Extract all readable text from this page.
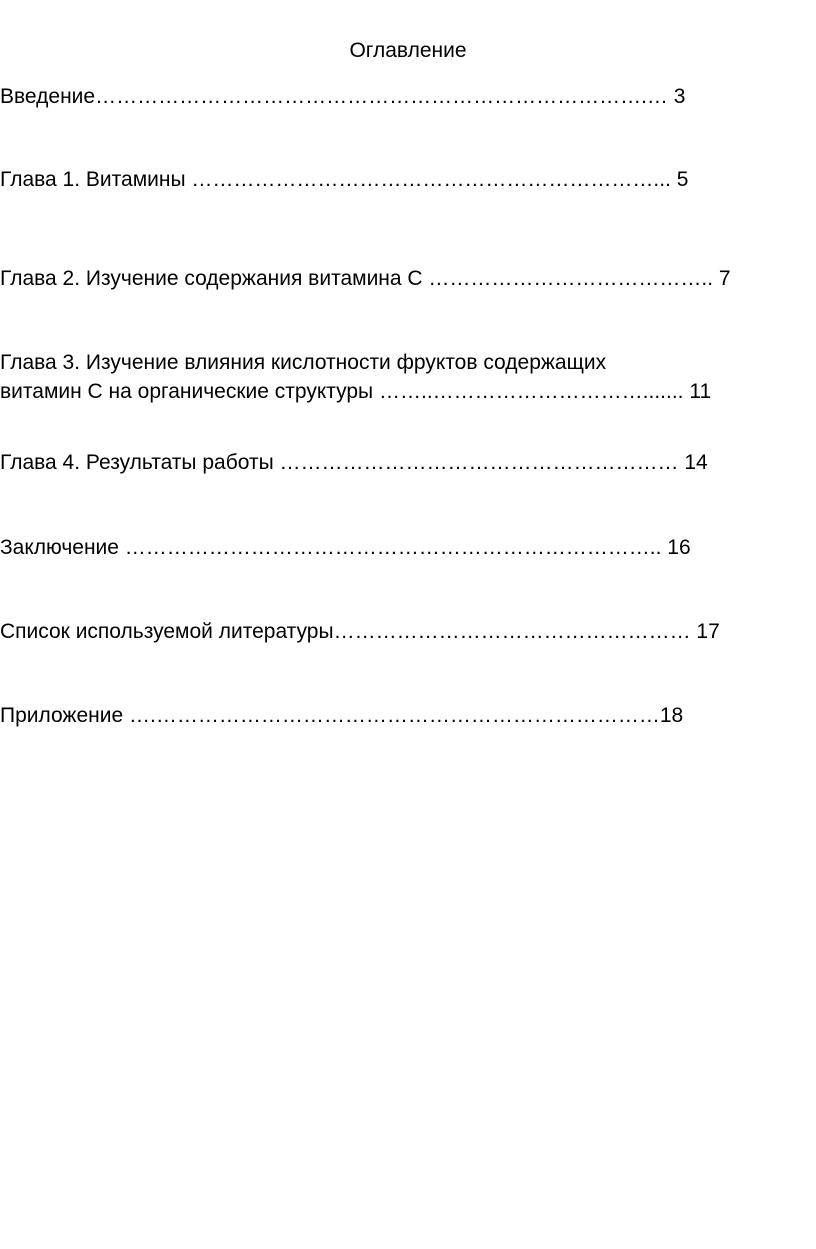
Оглавление
Введение…………………………………………………………………….… 3
Глава 1. Витамины …………………………………………………………... 5
Глава 2. Изучение содержания витамина С ………………………………….. 7
Глава 3. Изучение влияния кислотности фруктов содержащих
витамин С на органические структуры ……..…………………………....... 11
Глава 4. Результаты работы ………………………………………………… 14
Заключение ………………………………………………………………….. 16
Список используемой литературы…………………………………………… 17
Приложение ….………………………………………………………………18
